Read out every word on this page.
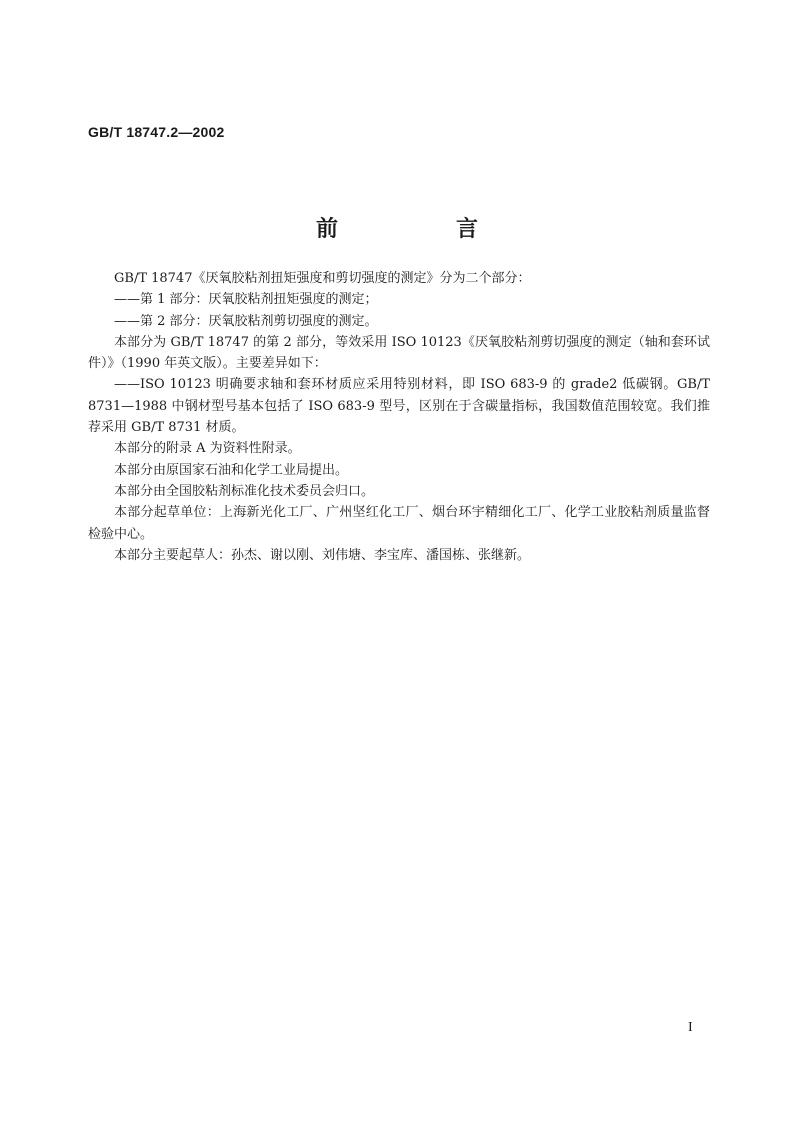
GB/T 18747.2—2002
前　言

GB/T 18747《厌氧胶粘剂扭矩强度和剪切强度的测定》分为二个部分：

——第 1 部分：厌氧胶粘剂扭矩强度的测定；

——第 2 部分：厌氧胶粘剂剪切强度的测定。

本部分为 GB/T 18747 的第 2 部分，等效采用 ISO 10123《厌氧胶粘剂剪切强度的测定（轴和套环试件）》（1990 年英文版）。主要差异如下：

——ISO 10123 明确要求轴和套环材质应采用特别材料，即 ISO 683-9 的 grade2 低碳钢。GB/T 8731—1988 中钢材型号基本包括了 ISO 683-9 型号，区别在于含碳量指标，我国数值范围较宽。我们推荐采用 GB/T 8731 材质。

本部分的附录 A 为资料性附录。

本部分由原国家石油和化学工业局提出。

本部分由全国胶粘剂标准化技术委员会归口。

本部分起草单位：上海新光化工厂、广州坚红化工厂、烟台环宇精细化工厂、化学工业胶粘剂质量监督检验中心。

本部分主要起草人：孙杰、谢以刚、刘伟塘、李宝库、潘国栋、张继新。

I
